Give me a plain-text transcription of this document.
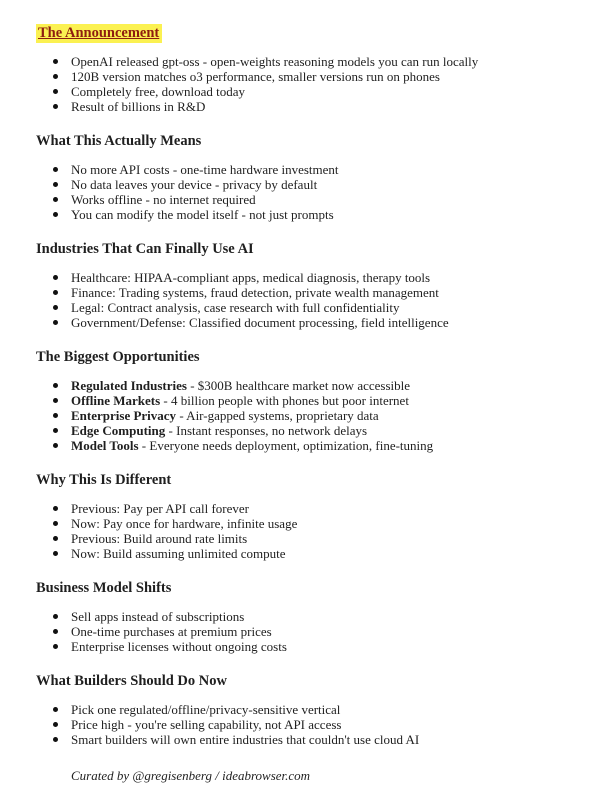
The Announcement
OpenAI released gpt-oss - open-weights reasoning models you can run locally
120B version matches o3 performance, smaller versions run on phones
Completely free, download today
Result of billions in R&D
What This Actually Means
No more API costs - one-time hardware investment
No data leaves your device - privacy by default
Works offline - no internet required
You can modify the model itself - not just prompts
Industries That Can Finally Use AI
Healthcare: HIPAA-compliant apps, medical diagnosis, therapy tools
Finance: Trading systems, fraud detection, private wealth management
Legal: Contract analysis, case research with full confidentiality
Government/Defense: Classified document processing, field intelligence
The Biggest Opportunities
Regulated Industries - $300B healthcare market now accessible
Offline Markets - 4 billion people with phones but poor internet
Enterprise Privacy - Air-gapped systems, proprietary data
Edge Computing - Instant responses, no network delays
Model Tools - Everyone needs deployment, optimization, fine-tuning
Why This Is Different
Previous: Pay per API call forever
Now: Pay once for hardware, infinite usage
Previous: Build around rate limits
Now: Build assuming unlimited compute
Business Model Shifts
Sell apps instead of subscriptions
One-time purchases at premium prices
Enterprise licenses without ongoing costs
What Builders Should Do Now
Pick one regulated/offline/privacy-sensitive vertical
Price high - you're selling capability, not API access
Smart builders will own entire industries that couldn't use cloud AI

Curated by @gregisenberg / ideabrowser.com
